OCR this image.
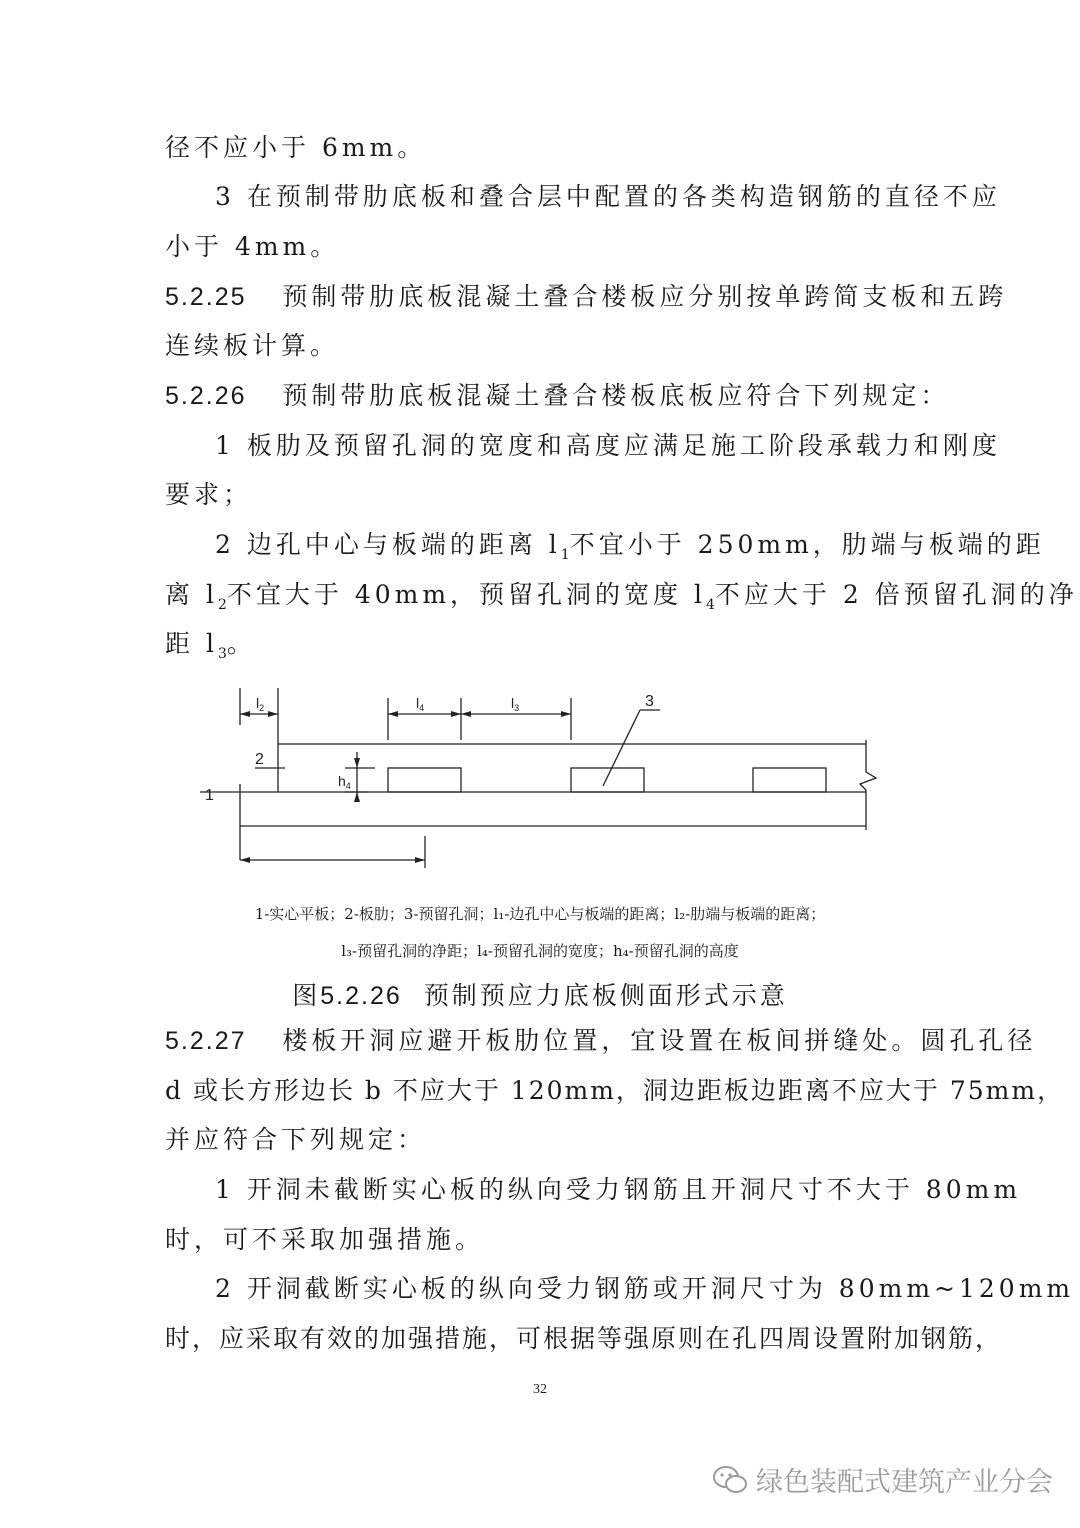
径不应小于 6mm。
3 在预制带肋底板和叠合层中配置的各类构造钢筋的直径不应
小于 4mm。
5.2.25 预制带肋底板混凝土叠合楼板应分别按单跨简支板和五跨
连续板计算。
5.2.26 预制带肋底板混凝土叠合楼板底板应符合下列规定：
1 板肋及预留孔洞的宽度和高度应满足施工阶段承载力和刚度
要求；
2 边孔中心与板端的距离 $l_1$不宜小于 250mm，肋端与板端的距
离 $l_2$不宜大于 40mm，预留孔洞的宽度 $l_4$不应大于 2 倍预留孔洞的净
距 $l_3$。
$l_2$	$l_4$	$l_3$
$h_4$
1
2
3
1-实心平板；2-板肋；3-预留孔洞；l₁-边孔中心与板端的距离；l₂-肋端与板端的距离；
l₃-预留孔洞的净距；l₄-预留孔洞的宽度；h₄-预留孔洞的高度
图5.2.26 预制预应力底板侧面形式示意
5.2.27 楼板开洞应避开板肋位置，宜设置在板间拼缝处。圆孔孔径
d 或长方形边长 b 不应大于 120mm，洞边距板边距离不应大于 75mm，
并应符合下列规定：
1 开洞未截断实心板的纵向受力钢筋且开洞尺寸不大于 80mm
时，可不采取加强措施。
2 开洞截断实心板的纵向受力钢筋或开洞尺寸为 80mm~120mm
时，应采取有效的加强措施，可根据等强原则在孔四周设置附加钢筋，
32
绿色装配式建筑产业分会
